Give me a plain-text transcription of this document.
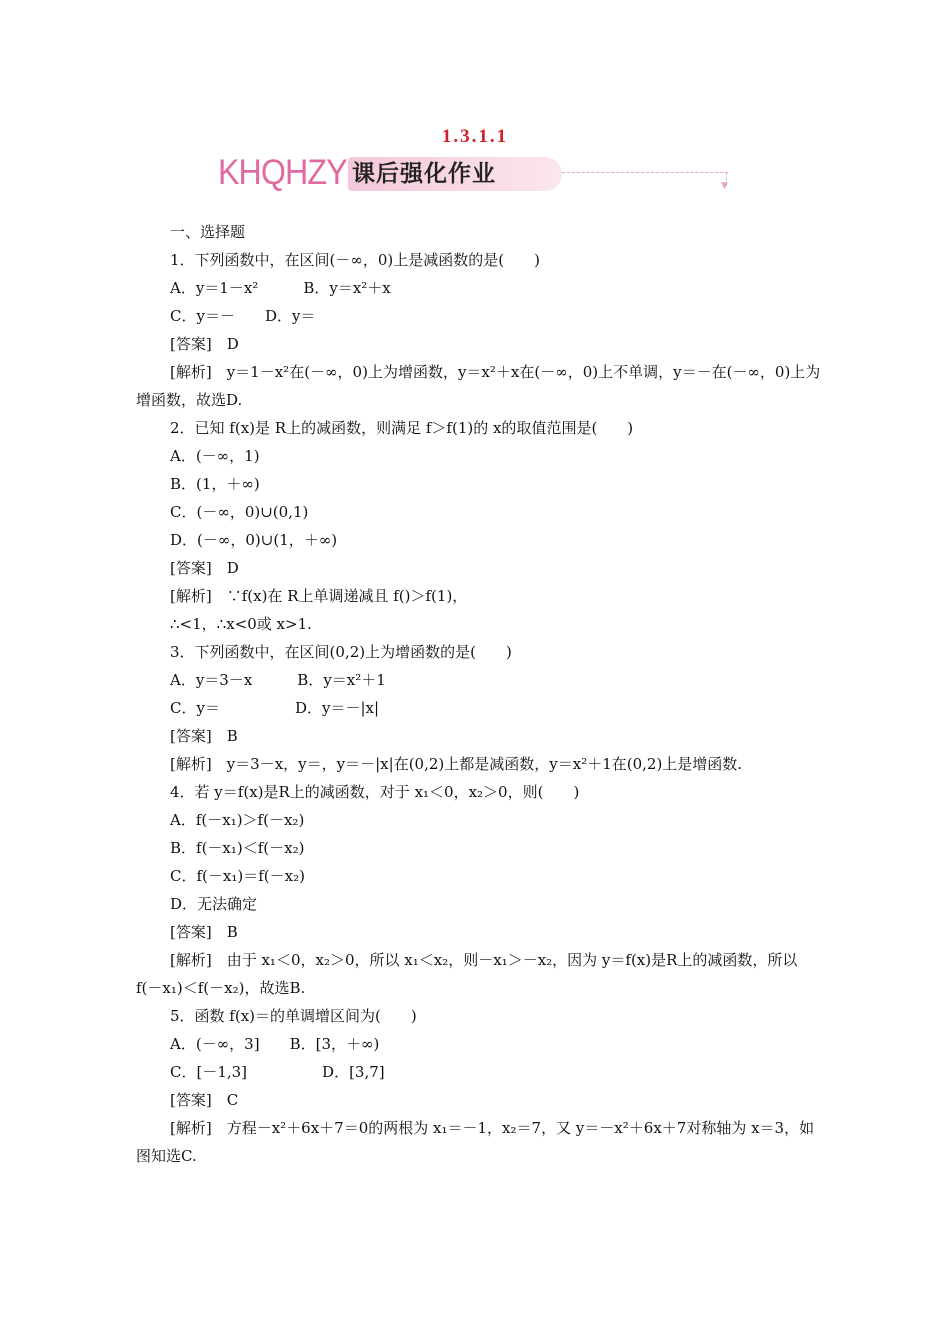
1.3.1.1
KHQHZY 课后强化作业	▼
一、选择题
1．下列函数中，在区间(－∞，0)上是减函数的是(　　)
A．y＝1－x²　　　B．y＝x²＋x
C．y＝－　　D．y＝
[答案]　D
[解析]　y＝1－x²在(－∞，0)上为增函数，y＝x²＋x在(－∞，0)上不单调，y＝－在(－∞，0)上为增函数，故选D.
2．已知 f(x)是 R上的减函数，则满足 f＞f(1)的 x的取值范围是(　　)
A．(－∞，1)
B．(1，＋∞)
C．(－∞，0)∪(0,1)
D．(－∞，0)∪(1，＋∞)
[答案]　D
[解析]　∵f(x)在 R上单调递减且 f()＞f(1)，
∴<1，∴x<0或 x>1.
3．下列函数中，在区间(0,2)上为增函数的是(　　)
A．y＝3－x　　　B．y＝x²＋1
C．y＝　　　　　D．y＝－|x|
[答案]　B
[解析]　y＝3－x，y＝，y＝－|x|在(0,2)上都是减函数，y＝x²＋1在(0,2)上是增函数.
4．若 y＝f(x)是R上的减函数，对于 x₁＜0，x₂＞0，则(　　)
A．f(－x₁)＞f(－x₂)
B．f(－x₁)＜f(－x₂)
C．f(－x₁)＝f(－x₂)
D．无法确定
[答案]　B
[解析]　由于 x₁＜0，x₂＞0，所以 x₁＜x₂，则－x₁＞－x₂，因为 y＝f(x)是R上的减函数，所以 f(－x₁)＜f(－x₂)，故选B.
5．函数 f(x)＝的单调增区间为(　　)
A．(－∞，3]　　B．[3，＋∞)
C．[－1,3]　　　　　D．[3,7]
[答案]　C
[解析]　方程－x²＋6x＋7＝0的两根为 x₁＝－1，x₂＝7，又 y＝－x²＋6x＋7对称轴为 x＝3，如图知选C.
